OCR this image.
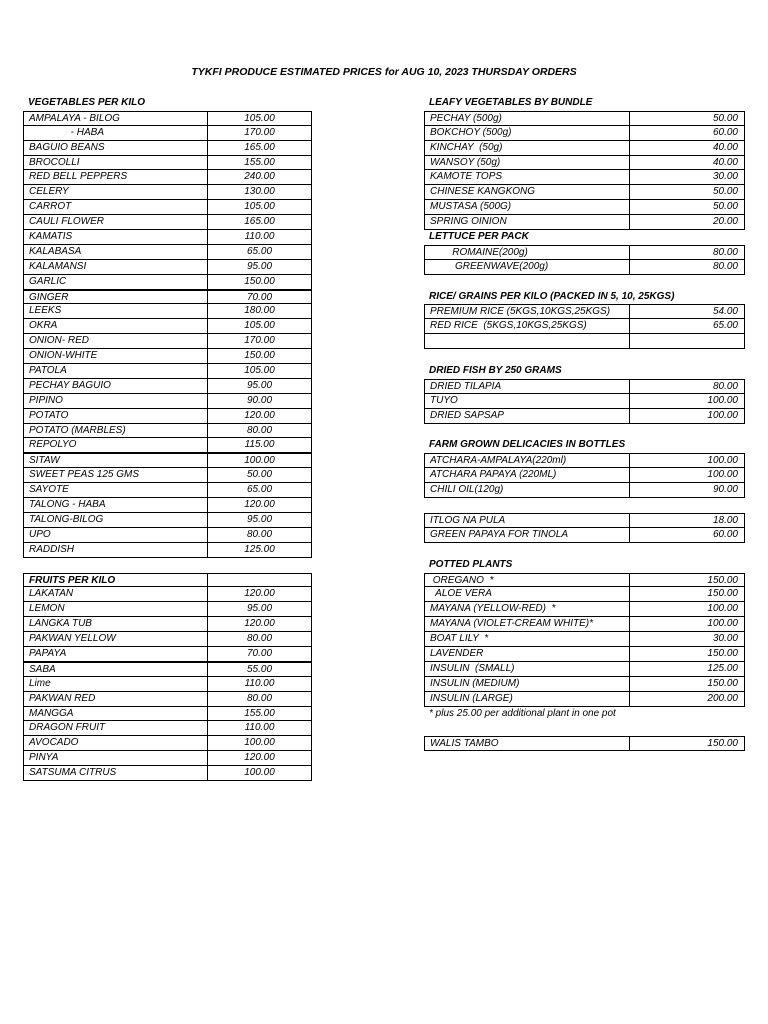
TYKFI PRODUCE ESTIMATED PRICES for AUG 10, 2023 THURSDAY ORDERS
VEGETABLES PER KILO
AMPALAYA - BILOG	105.00
- HABA	170.00
BAGUIO BEANS	165.00
BROCOLLI	155.00
RED BELL PEPPERS	240.00
CELERY	130.00
CARROT	105.00
CAULI FLOWER	165.00
KAMATIS	110.00
KALABASA	65.00
KALAMANSI	95.00
GARLIC	150.00
GINGER	70.00
LEEKS	180.00
OKRA	105.00
ONION- RED	170.00
ONION-WHITE	150.00
PATOLA	105.00
PECHAY BAGUIO	95.00
PIPINO	90.00
POTATO	120.00
POTATO (MARBLES)	80.00
REPOLYO	115.00
SITAW	100.00
SWEET PEAS 125 GMS	50.00
SAYOTE	65.00
TALONG - HABA	120.00
TALONG-BILOG	95.00
UPO	80.00
RADDISH	125.00
FRUITS PER KILO
LAKATAN	120.00
LEMON	95.00
LANGKA TUB	120.00
PAKWAN YELLOW	80.00
PAPAYA	70.00
SABA	55.00
Lime	110.00
PAKWAN RED	80.00
MANGGA	155.00
DRAGON FRUIT	110.00
AVOCADO	100.00
PINYA	120.00
SATSUMA CITRUS	100.00
LEAFY VEGETABLES BY BUNDLE
PECHAY (500g)	50.00
BOKCHOY (500g)	60.00
KINCHAY  (50g)	40.00
WANSOY (50g)	40.00
KAMOTE TOPS	30.00
CHINESE KANGKONG	50.00
MUSTASA (500G)	50.00
SPRING OINION	20.00
LETTUCE PER PACK
ROMAINE(200g)	80.00
GREENWAVE(200g)	80.00
RICE/ GRAINS PER KILO (PACKED IN 5, 10, 25KGS)
PREMIUM RICE (5KGS,10KGS,25KGS)	54.00
RED RICE  (5KGS,10KGS,25KGS)	65.00
DRIED FISH BY 250 GRAMS
DRIED TILAPIA	80.00
TUYO	100.00
DRIED SAPSAP	100.00
FARM GROWN DELICACIES IN BOTTLES
ATCHARA-AMPALAYA(220ml)	100.00
ATCHARA PAPAYA (220ML)	100.00
CHILI OIL(120g)	90.00
ITLOG NA PULA	18.00
GREEN PAPAYA FOR TINOLA	60.00
POTTED PLANTS
OREGANO  *	150.00
ALOE VERA	150.00
MAYANA (YELLOW-RED)  *	100.00
MAYANA (VIOLET-CREAM WHITE)*	100.00
BOAT LILY  *	30.00
LAVENDER	150.00
INSULIN  (SMALL)	125.00
INSULIN (MEDIUM)	150.00
INSULIN (LARGE)	200.00
* plus 25.00 per additional plant in one pot
WALIS TAMBO	150.00
